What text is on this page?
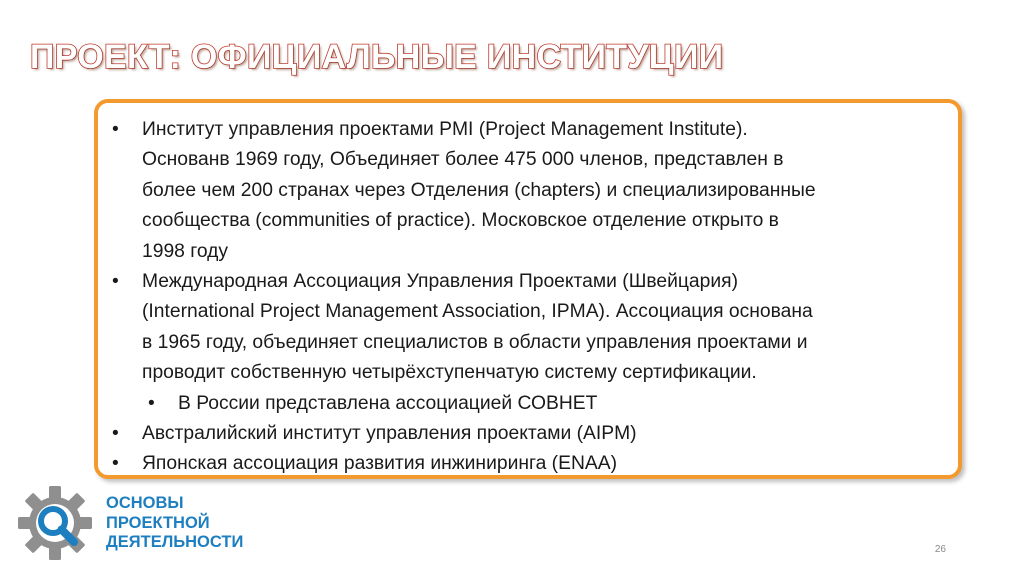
ПРОЕКТ: ОФИЦИАЛЬНЫЕ ИНСТИТУЦИИ
•	Институт управления проектами PMI (Project Management Institute).
Основанв 1969 году, Объединяет более 475 000 членов, представлен в
более чем 200 странах через Отделения (chapters) и специализированные
сообщества (communities of practice). Московское отделение открыто в
1998 году
•	Международная Ассоциация Управления Проектами (Швейцария)
(International Project Management Association, IPMA). Ассоциация основана
в 1965 году, объединяет специалистов в области управления проектами и
проводит собственную четырёхступенчатую систему сертификации.
•	В России представлена ассоциацией СОВНЕТ
•	Австралийский институт управления проектами (AIPM)
•	Японская ассоциация развития инжиниринга (ENAA)
ОСНОВЫ
ПРОЕКТНОЙ
ДЕЯТЕЛЬНОСТИ	26
